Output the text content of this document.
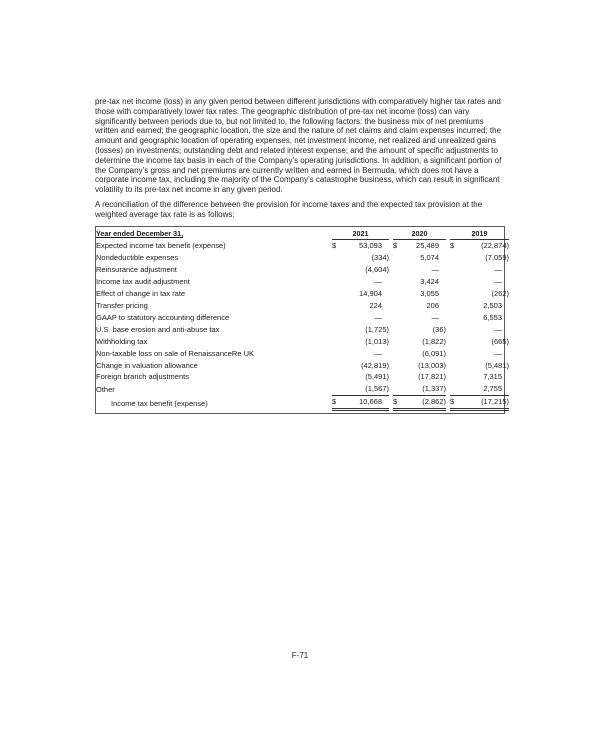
pre-tax net income (loss) in any given period between different jurisdictions with comparatively higher tax rates and those with comparatively lower tax rates. The geographic distribution of pre-tax net income (loss) can vary significantly between periods due to, but not limited to, the following factors: the business mix of net premiums written and earned; the geographic location, the size and the nature of net claims and claim expenses incurred; the amount and geographic location of operating expenses, net investment income, net realized and unrealized gains (losses) on investments; outstanding debt and related interest expense; and the amount of specific adjustments to determine the income tax basis in each of the Company’s operating jurisdictions. In addition, a significant portion of the Company’s gross and net premiums are currently written and earned in Bermuda, which does not have a corporate income tax, including the majority of the Company’s catastrophe business, which can result in significant volatility to its pre-tax net income in any given period.

A reconciliation of the difference between the provision for income taxes and the expected tax provision at the weighted average tax rate is as follows:

Year ended December 31,	2021			2020			2019	
Expected income tax benefit (expense)	$	53,093		$	25,489		$	(22,874)
Nondeductible expenses		(334)			5,074			(7,059)
Reinsurance adjustment		(4,604)			—			—
Income tax audit adjustment		—			3,424			—
Effect of change in tax rate		14,904			3,055			(262)
Transfer pricing		224			206			2,503
GAAP to statutory accounting difference		—			—			6,553
U.S. base erosion and anti-abuse tax		(1,725)			(36)			—
Withholding tax		(1,013)			(1,822)			(665)
Non-taxable loss on sale of RenaissanceRe UK		—			(6,091)			—
Change in valuation allowance		(42,819)			(13,003)			(5,481)
Foreign branch adjustments		(5,491)			(17,821)			7,315
Other		(1,567)			(1,337)			2,755
Income tax benefit (expense)	$	10,668		$	(2,862)		$	(17,215)
F-71
